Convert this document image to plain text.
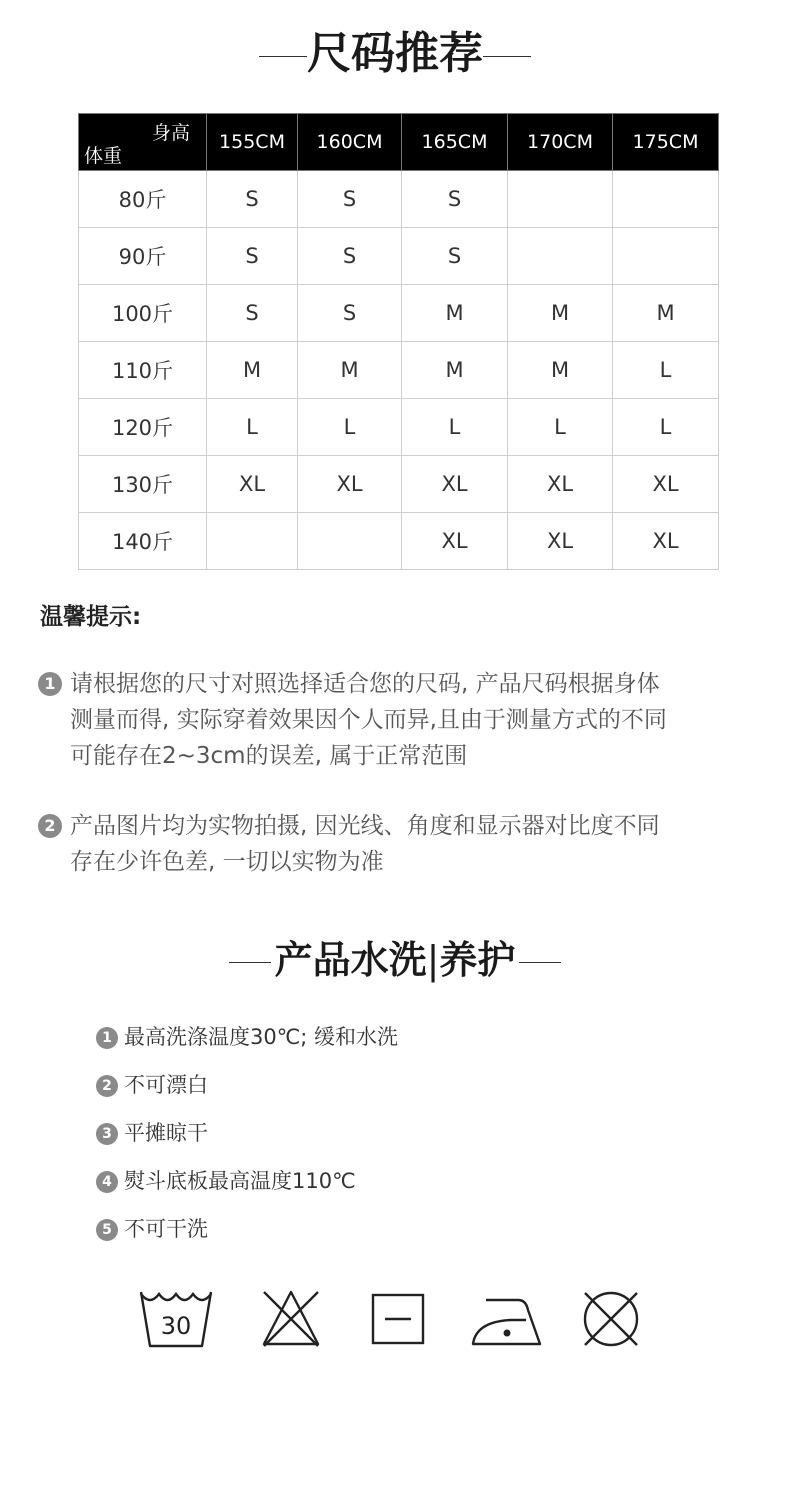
尺码推荐
身高
体重	155CM	160CM	165CM	170CM	175CM
80斤	S	S	S		
90斤	S	S	S		
100斤	S	S	M	M	M
110斤	M	M	M	M	L
120斤	L	L	L	L	L
130斤	XL	XL	XL	XL	XL
140斤			XL	XL	XL
温馨提示:
1 请根据您的尺寸对照选择适合您的尺码, 产品尺码根据身体
测量而得, 实际穿着效果因个人而异,且由于测量方式的不同
可能存在2~3cm的误差, 属于正常范围
2 产品图片均为实物拍摄, 因光线、角度和显示器对比度不同
存在少许色差, 一切以实物为准
产品水洗|养护
1 最高洗涤温度30℃; 缓和水洗
2 不可漂白
3 平摊晾干
4 熨斗底板最高温度110℃
5 不可干洗
30
